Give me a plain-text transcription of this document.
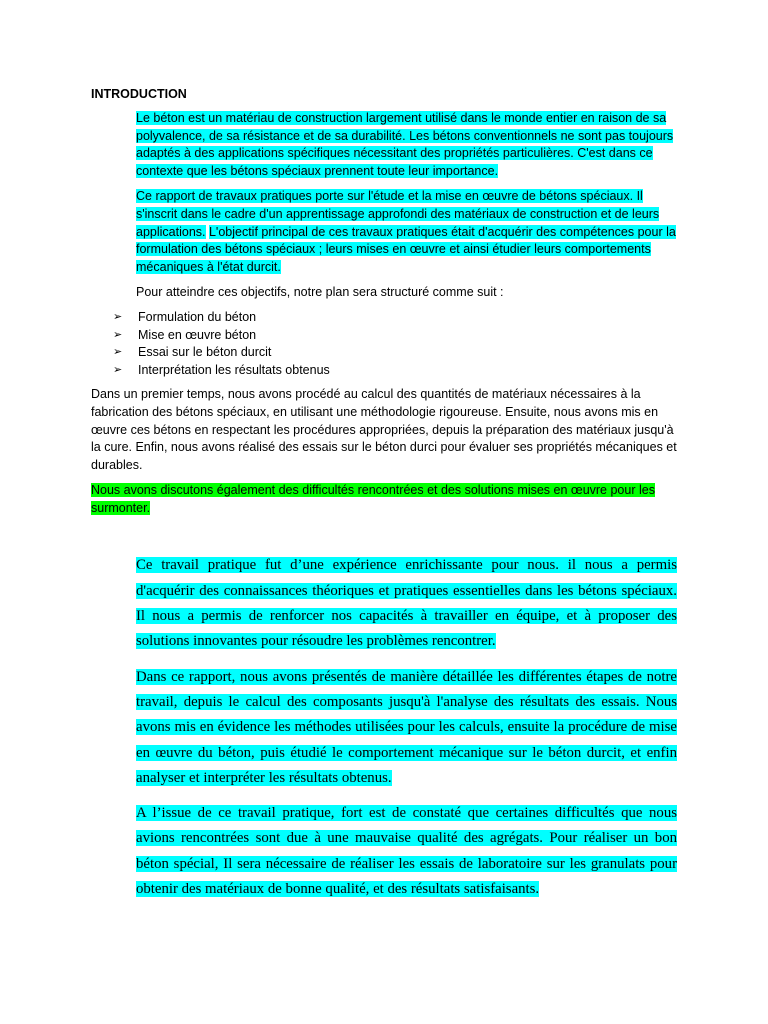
INTRODUCTION

Le béton est un matériau de construction largement utilisé dans le monde entier en raison de sa polyvalence, de sa résistance et de sa durabilité. Les bétons conventionnels ne sont pas toujours adaptés à des applications spécifiques nécessitant des propriétés particulières. C'est dans ce contexte que les bétons spéciaux prennent toute leur importance.

Ce rapport de travaux pratiques porte sur l'étude et la mise en œuvre de bétons spéciaux. Il s'inscrit dans le cadre d'un apprentissage approfondi des matériaux de construction et de leurs applications. L'objectif principal de ces travaux pratiques était d'acquérir des compétences pour la formulation des bétons spéciaux ; leurs mises en œuvre et ainsi étudier leurs comportements mécaniques à l'état durcit.

Pour atteindre ces objectifs, notre plan sera structuré comme suit :

➢ Formulation du béton
➢ Mise en œuvre béton
➢ Essai sur le béton durcit
➢ Interprétation les résultats obtenus

Dans un premier temps, nous avons procédé au calcul des quantités de matériaux nécessaires à la fabrication des bétons spéciaux, en utilisant une méthodologie rigoureuse. Ensuite, nous avons mis en œuvre ces bétons en respectant les procédures appropriées, depuis la préparation des matériaux jusqu'à la cure. Enfin, nous avons réalisé des essais sur le béton durci pour évaluer ses propriétés mécaniques et durables.

Nous avons discutons également des difficultés rencontrées et des solutions mises en œuvre pour les surmonter.

Ce travail pratique fut d’une expérience enrichissante pour nous. il nous a permis d'acquérir des connaissances théoriques et pratiques essentielles dans les bétons spéciaux. Il nous a permis de renforcer nos capacités à travailler en équipe, et à proposer des solutions innovantes pour résoudre les problèmes rencontrer.

Dans ce rapport, nous avons présentés de manière détaillée les différentes étapes de notre travail, depuis le calcul des composants jusqu'à l'analyse des résultats des essais. Nous avons mis en évidence les méthodes utilisées pour les calculs, ensuite la procédure de mise en œuvre du béton, puis étudié le comportement mécanique sur le béton durcit, et enfin analyser et interpréter les résultats obtenus.

A l’issue de ce travail pratique, fort est de constaté que certaines difficultés que nous avions rencontrées sont due à une mauvaise qualité des agrégats. Pour réaliser un bon béton spécial, Il sera nécessaire de réaliser les essais de laboratoire sur les granulats pour obtenir des matériaux de bonne qualité, et des résultats satisfaisants.
